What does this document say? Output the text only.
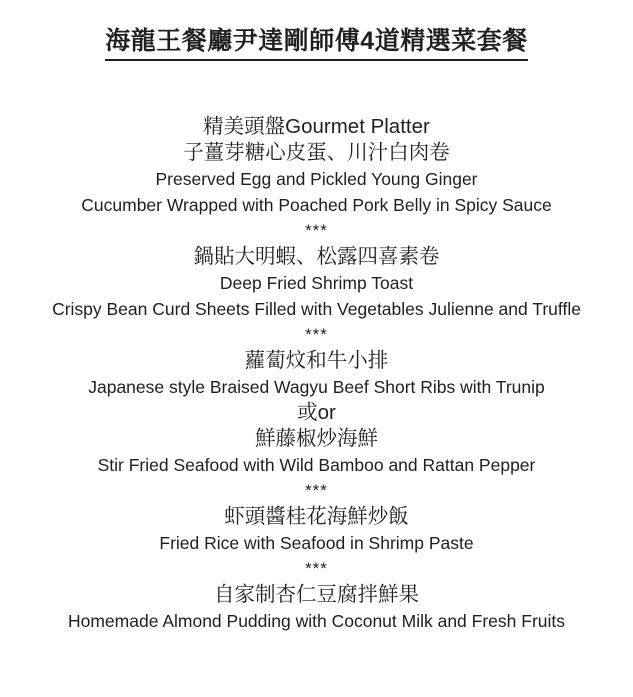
海龍王餐廳尹達剛師傅4道精選菜套餐
精美頭盤Gourmet Platter
子薑芽糖心皮蛋、川汁白肉卷
Preserved Egg and Pickled Young Ginger
Cucumber Wrapped with Poached Pork Belly in Spicy Sauce
***
鍋貼大明蝦、松露四喜素卷
Deep Fried Shrimp Toast
Crispy Bean Curd Sheets Filled with Vegetables Julienne and Truffle
***
蘿蔔炆和牛小排
Japanese style Braised Wagyu Beef Short Ribs with Trunip
或or
鮮藤椒炒海鮮
Stir Fried Seafood with Wild Bamboo and Rattan Pepper
***
虾頭醬桂花海鮮炒飯
Fried Rice with Seafood in Shrimp Paste
***
自家制杏仁豆腐拌鮮果
Homemade Almond Pudding with Coconut Milk and Fresh Fruits
